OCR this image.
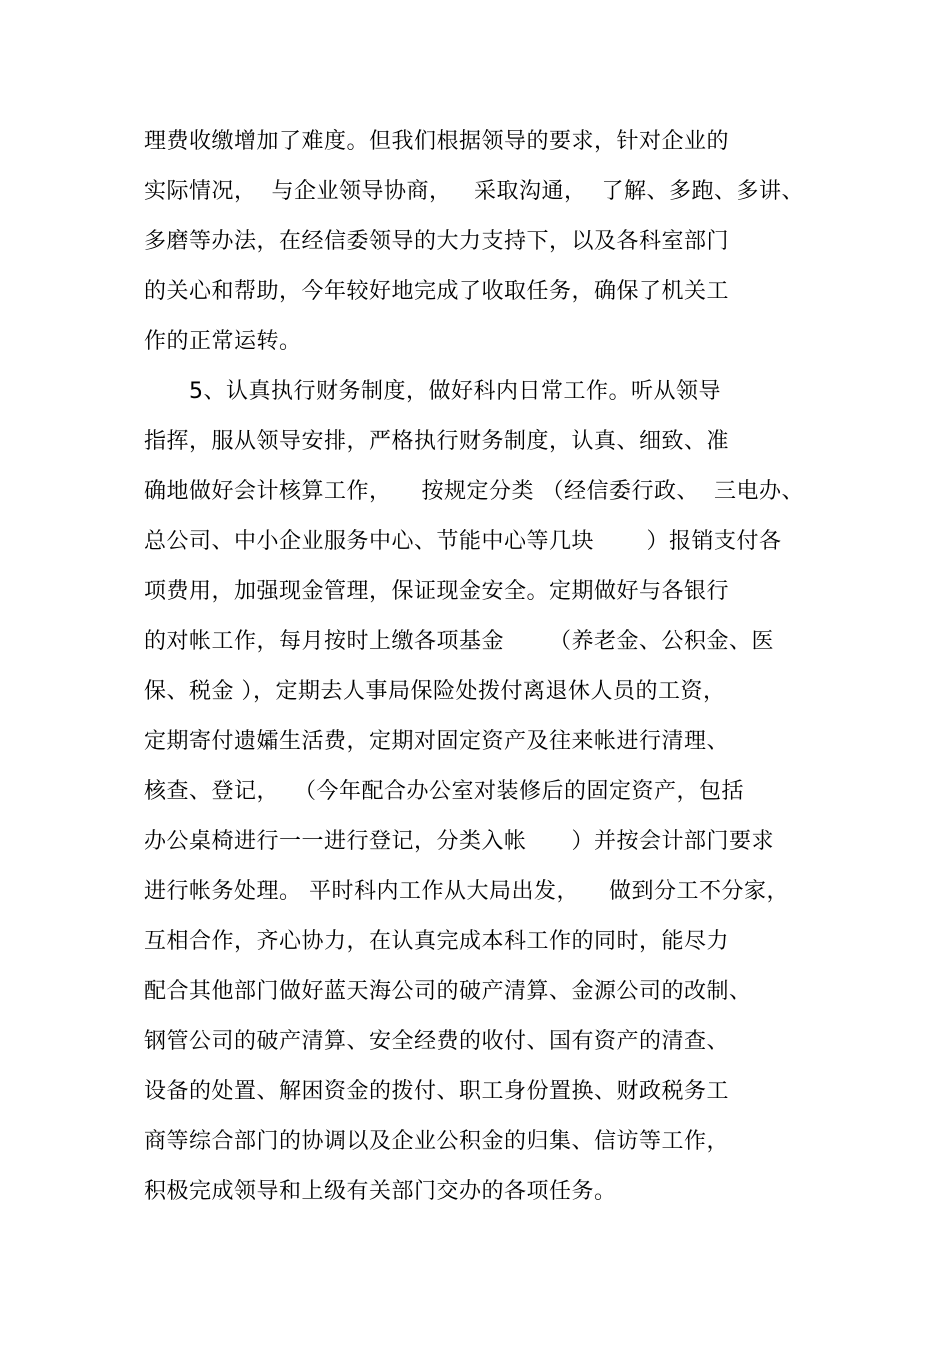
理费收缴增加了难度。但我们根据领导的要求，针对企业的
实际情况，  与企业领导协商，   采取沟通，  了解、多跑、多讲、
多磨等办法，在经信委领导的大力支持下，以及各科室部门
的关心和帮助，今年较好地完成了收取任务，确保了机关工
作的正常运转。
5、认真执行财务制度，做好科内日常工作。听从领导
指挥，服从领导安排，严格执行财务制度，认真、细致、准
确地做好会计核算工作，    按规定分类 （经信委行政、  三电办、
总公司、中小企业服务中心、节能中心等几块       ）报销支付各
项费用，加强现金管理，保证现金安全。定期做好与各银行
的对帐工作，每月按时上缴各项基金      （养老金、公积金、医
保、税金 ），定期去人事局保险处拨付离退休人员的工资，
定期寄付遗孀生活费，定期对固定资产及往来帐进行清理、
核查、登记，  （今年配合办公室对装修后的固定资产，包括
办公桌椅进行一一进行登记，分类入帐      ）并按会计部门要求
进行帐务处理。 平时科内工作从大局出发，    做到分工不分家，
互相合作，齐心协力，在认真完成本科工作的同时，能尽力
配合其他部门做好蓝天海公司的破产清算、金源公司的改制、
钢管公司的破产清算、安全经费的收付、国有资产的清查、
设备的处置、解困资金的拨付、职工身份置换、财政税务工
商等综合部门的协调以及企业公积金的归集、信访等工作，
积极完成领导和上级有关部门交办的各项任务。
